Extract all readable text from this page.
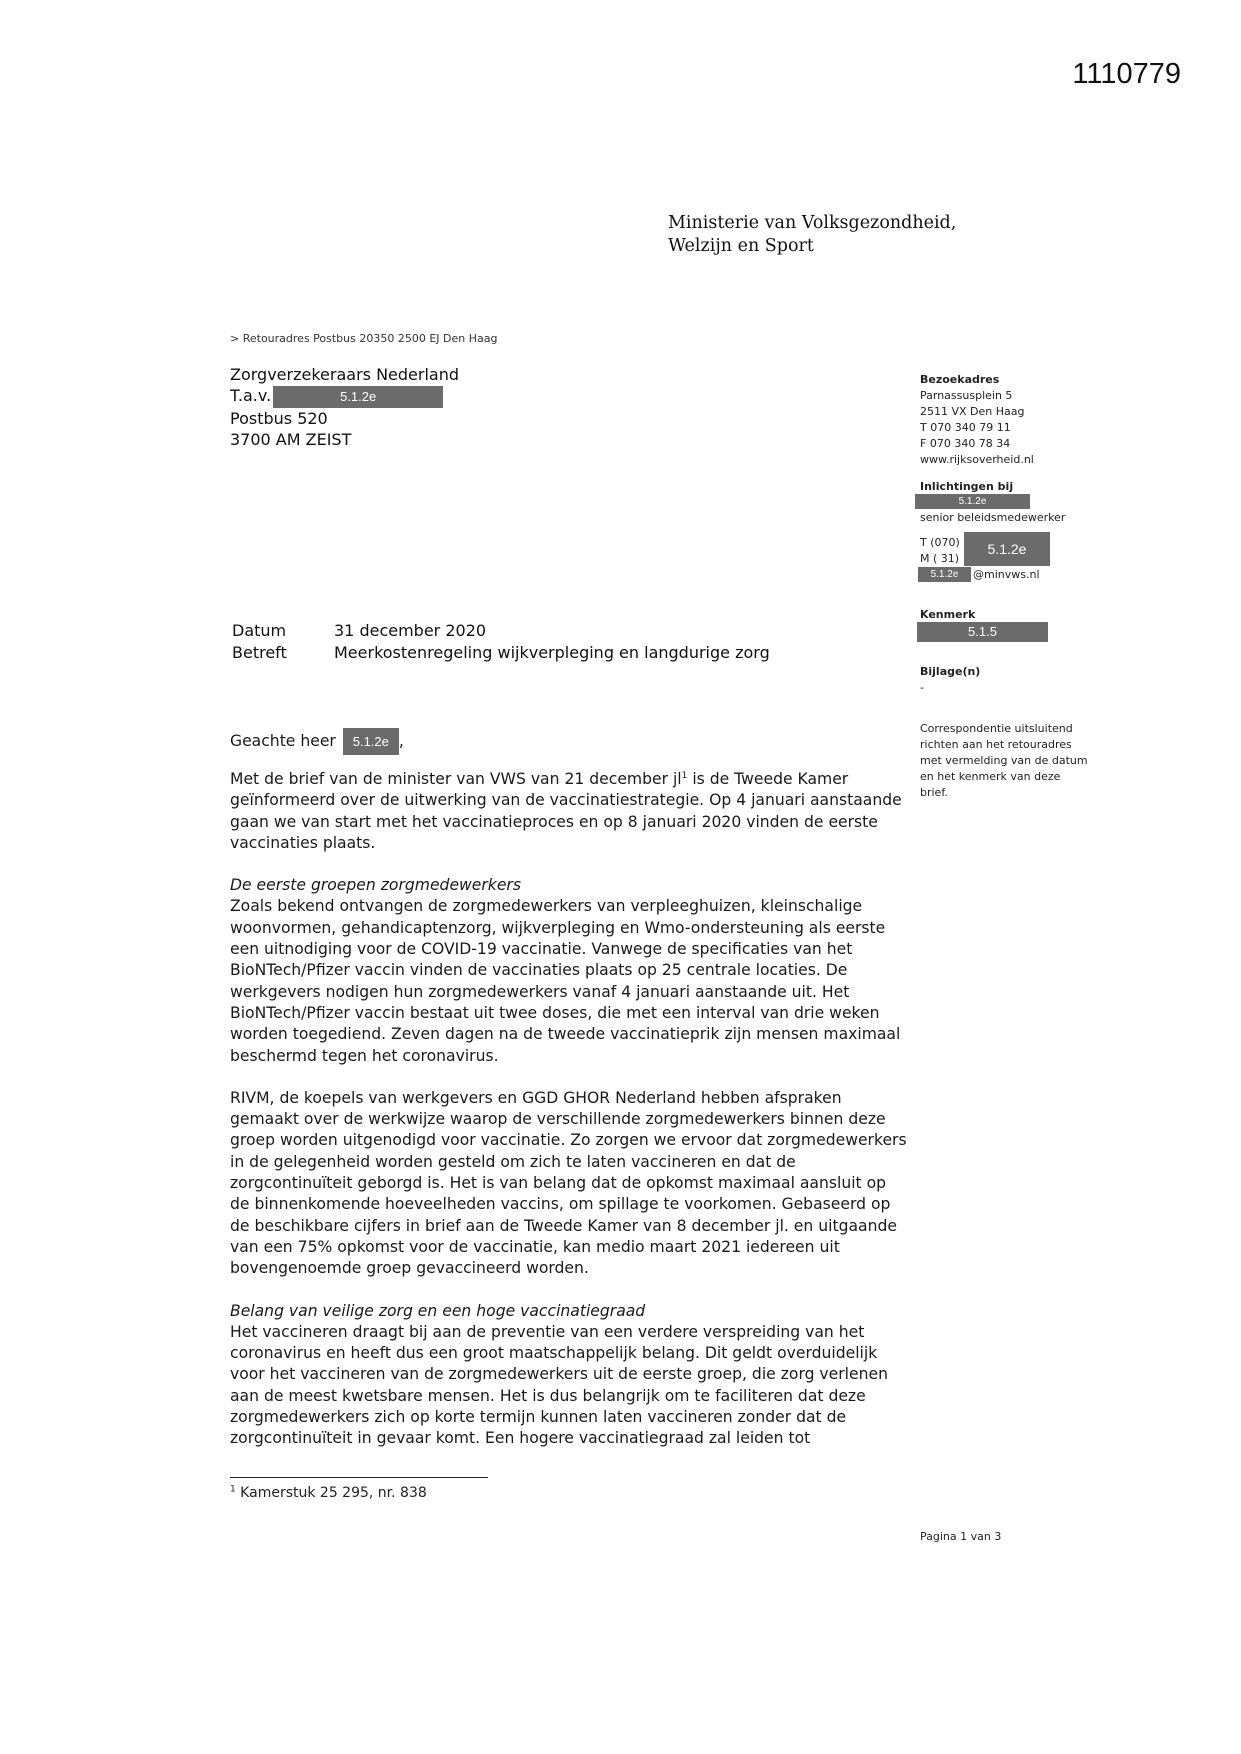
1110779
Ministerie van Volksgezondheid,
Welzijn en Sport
> Retouradres Postbus 20350 2500 EJ Den Haag
Zorgverzekeraars Nederland
T.a.v.	5.1.2e
Postbus 520
3700 AM ZEIST
Bezoekadres
Parnassusplein 5
2511 VX Den Haag
T 070 340 79 11
F 070 340 78 34
www.rijksoverheid.nl
Inlichtingen bij
5.1.2e
senior beleidsmedewerker
T (070)
M ( 31)
5.1.2e
5.1.2e	@minvws.nl
Kenmerk
5.1.5
Bijlage(n)
-
Correspondentie uitsluitend
richten aan het retouradres
met vermelding van de datum
en het kenmerk van deze
brief.
Datum	31 december 2020
Betreft	Meerkostenregeling wijkverpleging en langdurige zorg

Geachte heer 5.1.2e ,

Met de brief van de minister van VWS van 21 december $jl^1$ is de Tweede Kamer geïnformeerd over de uitwerking van de vaccinatiestrategie. Op 4 januari aanstaande gaan we van start met het vaccinatieproces en op 8 januari 2020 vinden de eerste vaccinaties plaats.

De eerste groepen zorgmedewerkers
Zoals bekend ontvangen de zorgmedewerkers van verpleeghuizen, kleinschalige woonvormen, gehandicaptenzorg, wijkverpleging en Wmo-ondersteuning als eerste een uitnodiging voor de COVID-19 vaccinatie. Vanwege de specificaties van het BioNTech/Pfizer vaccin vinden de vaccinaties plaats op 25 centrale locaties. De werkgevers nodigen hun zorgmedewerkers vanaf 4 januari aanstaande uit. Het BioNTech/Pfizer vaccin bestaat uit twee doses, die met een interval van drie weken worden toegediend. Zeven dagen na de tweede vaccinatieprik zijn mensen maximaal beschermd tegen het coronavirus.

RIVM, de koepels van werkgevers en GGD GHOR Nederland hebben afspraken gemaakt over de werkwijze waarop de verschillende zorgmedewerkers binnen deze groep worden uitgenodigd voor vaccinatie. Zo zorgen we ervoor dat zorgmedewerkers in de gelegenheid worden gesteld om zich te laten vaccineren en dat de zorgcontinuïteit geborgd is. Het is van belang dat de opkomst maximaal aansluit op de binnenkomende hoeveelheden vaccins, om spillage te voorkomen. Gebaseerd op de beschikbare cijfers in brief aan de Tweede Kamer van 8 december jl. en uitgaande van een 75% opkomst voor de vaccinatie, kan medio maart 2021 iedereen uit bovengenoemde groep gevaccineerd worden.

Belang van veilige zorg en een hoge vaccinatiegraad
Het vaccineren draagt bij aan de preventie van een verdere verspreiding van het coronavirus en heeft dus een groot maatschappelijk belang. Dit geldt overduidelijk voor het vaccineren van de zorgmedewerkers uit de eerste groep, die zorg verlenen aan de meest kwetsbare mensen. Het is dus belangrijk om te faciliteren dat deze zorgmedewerkers zich op korte termijn kunnen laten vaccineren zonder dat de zorgcontinuïteit in gevaar komt. Een hogere vaccinatiegraad zal leiden tot

$^1$ Kamerstuk 25 295, nr. 838
Pagina 1 van 3
